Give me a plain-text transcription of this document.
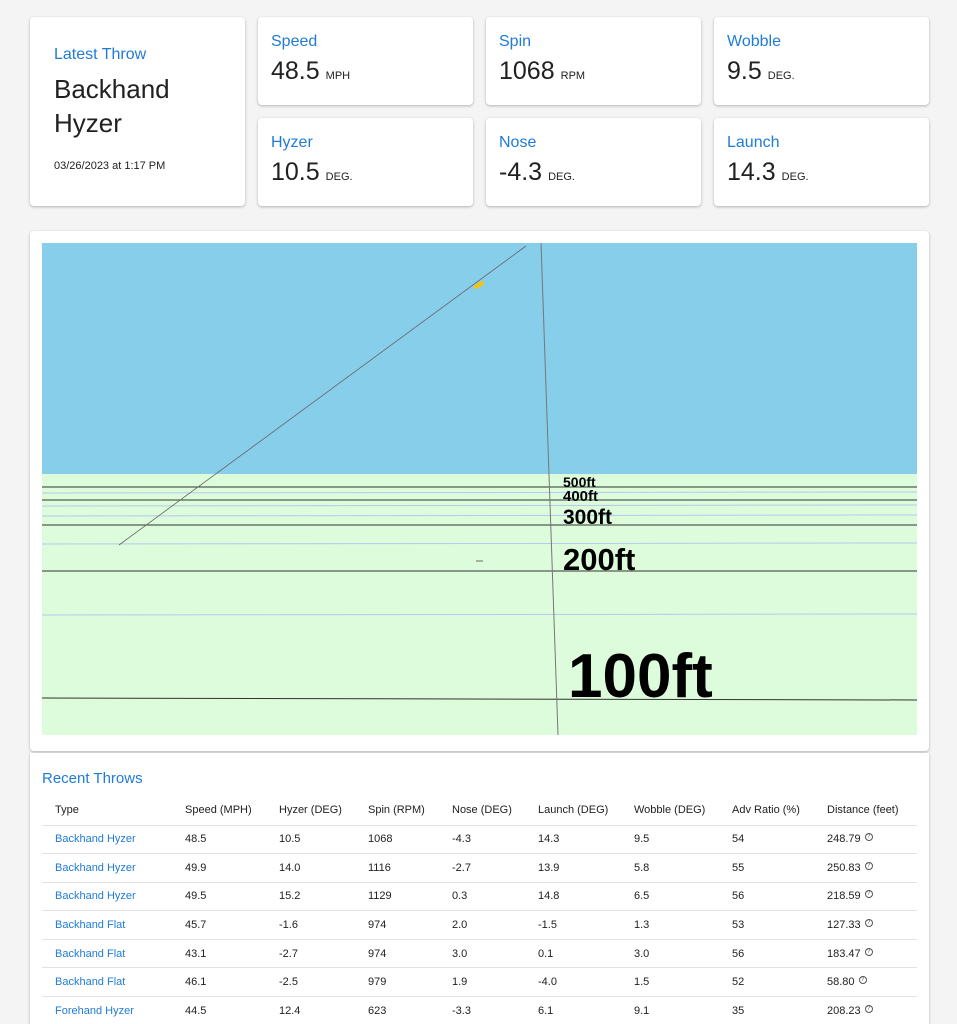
Latest Throw
Backhand Hyzer
03/26/2023 at 1:17 PM
Speed
48.5 MPH
Spin
1068 RPM
Wobble
9.5 DEG.
Hyzer
10.5 DEG.
Nose
-4.3 DEG.
Launch
14.3 DEG.
500ft
400ft
300ft
200ft
100ft
Recent Throws
Type	Speed (MPH)	Hyzer (DEG)	Spin (RPM)	Nose (DEG)	Launch (DEG)	Wobble (DEG)	Adv Ratio (%)	Distance (feet)
Backhand Hyzer	48.5	10.5	1068	-4.3	14.3	9.5	54	248.79 ?
Backhand Hyzer	49.9	14.0	1116	-2.7	13.9	5.8	55	250.83 ?
Backhand Hyzer	49.5	15.2	1129	0.3	14.8	6.5	56	218.59 ?
Backhand Flat	45.7	-1.6	974	2.0	-1.5	1.3	53	127.33 ?
Backhand Flat	43.1	-2.7	974	3.0	0.1	3.0	56	183.47 ?
Backhand Flat	46.1	-2.5	979	1.9	-4.0	1.5	52	58.80 ?
Forehand Hyzer	44.5	12.4	623	-3.3	6.1	9.1	35	208.23 ?
